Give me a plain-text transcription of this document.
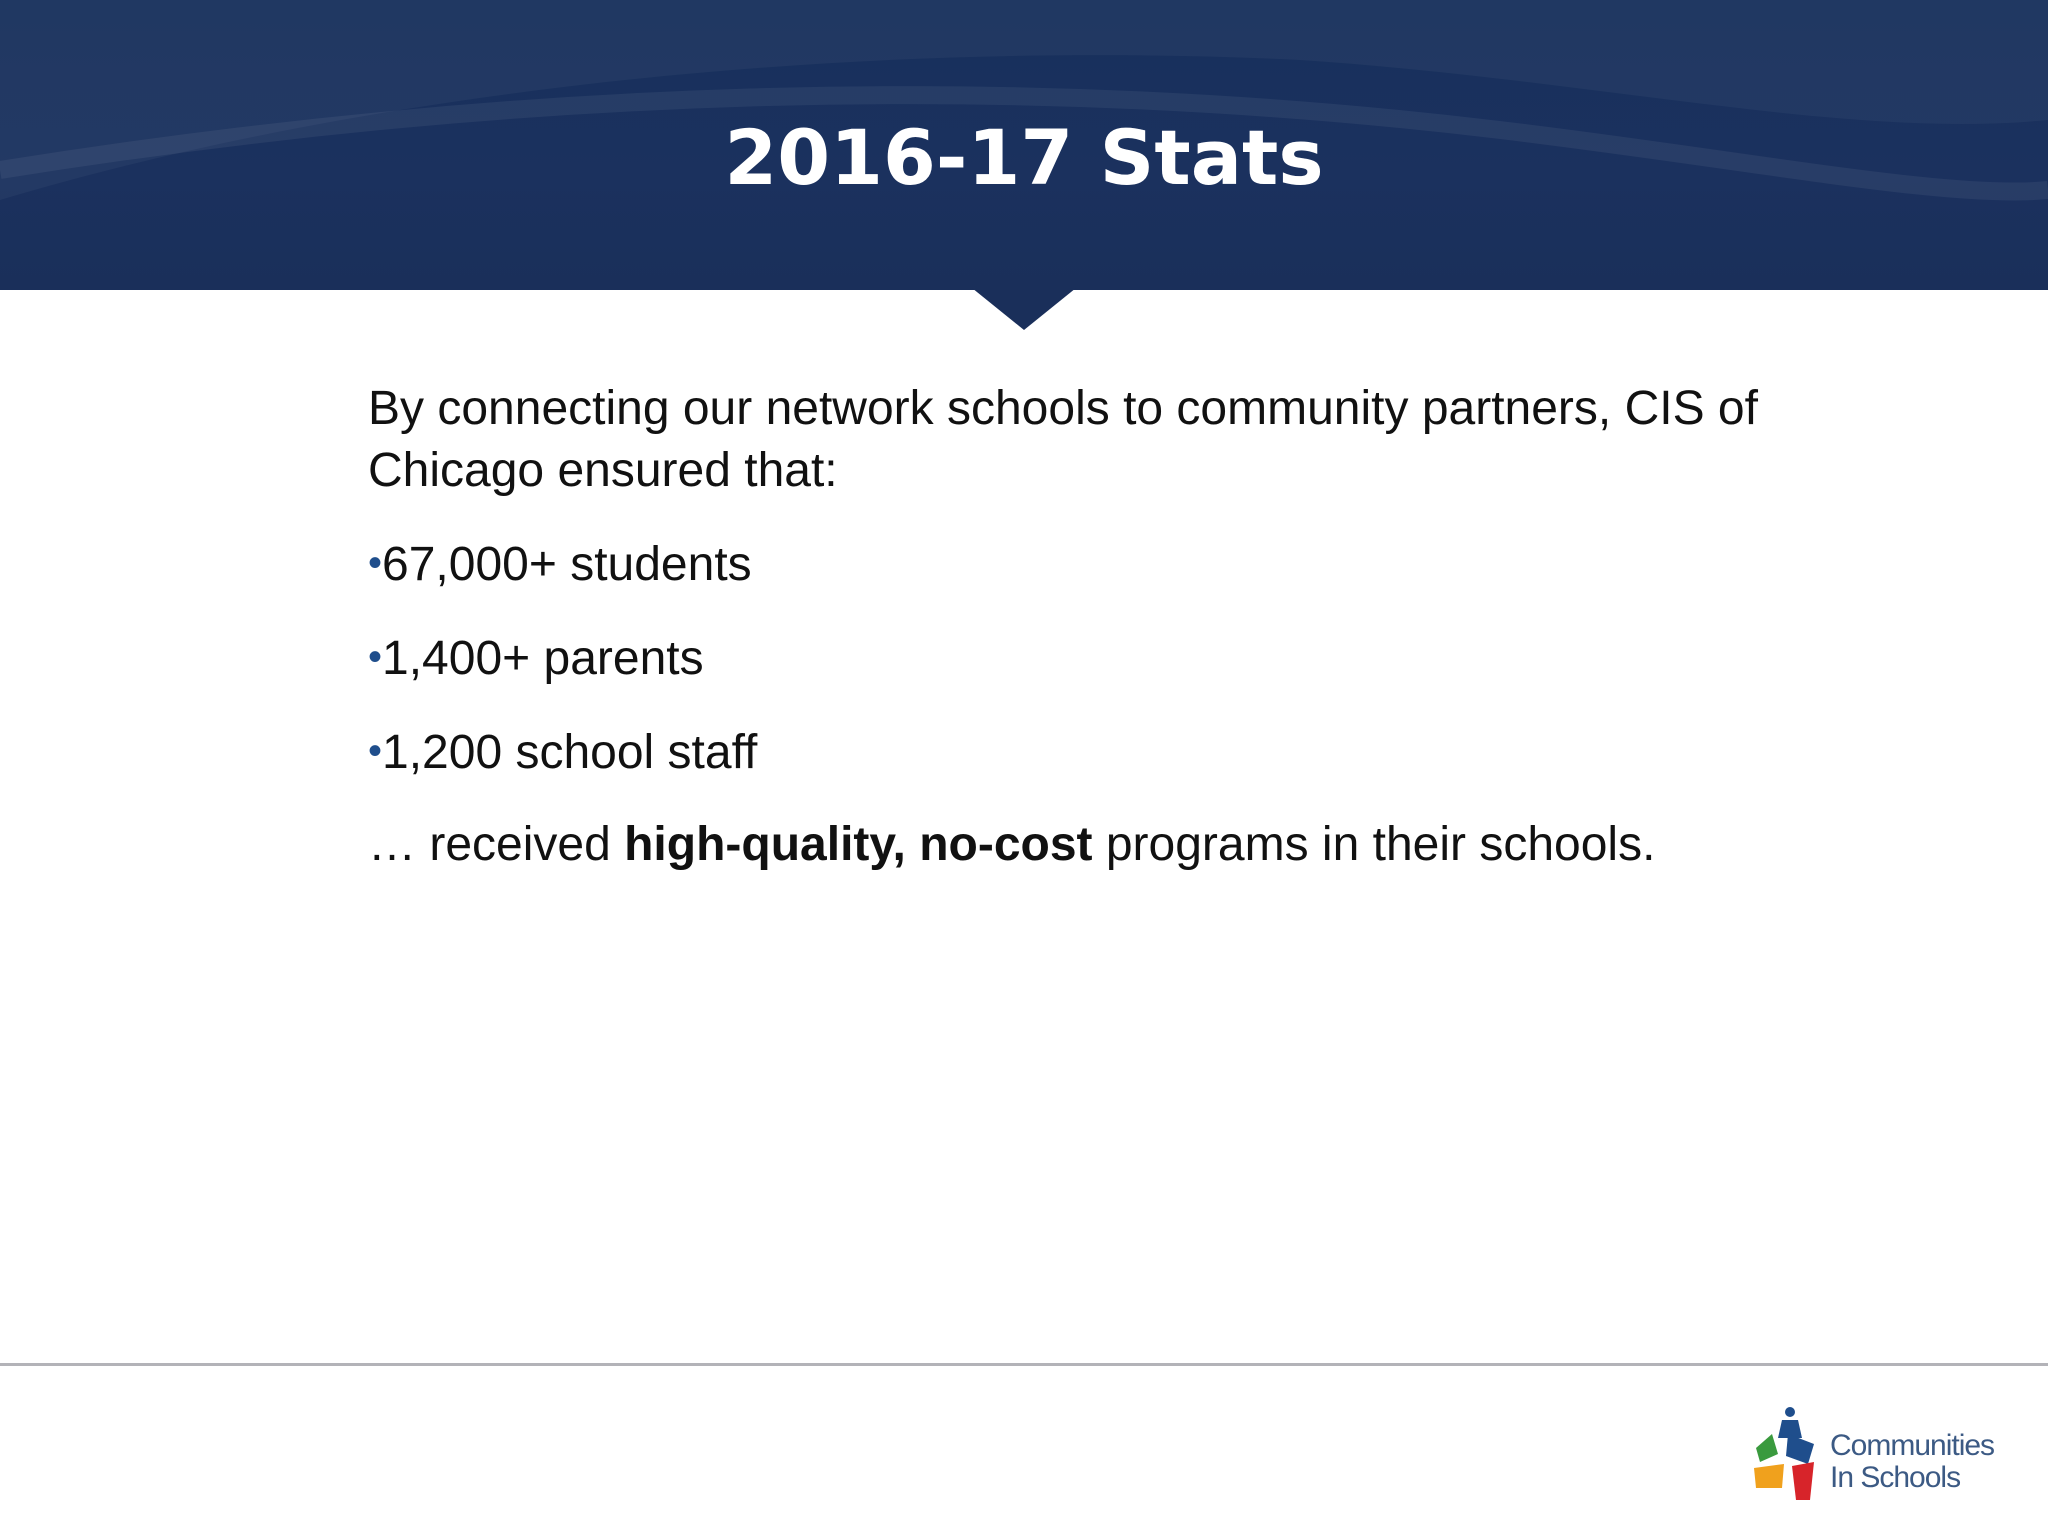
2016-17 Stats

By connecting our network schools to community partners, CIS of Chicago ensured that:

•67,000+ students
•1,400+ parents
•1,200 school staff

… received high-quality, no-cost programs in their schools.

Communities
In Schools
